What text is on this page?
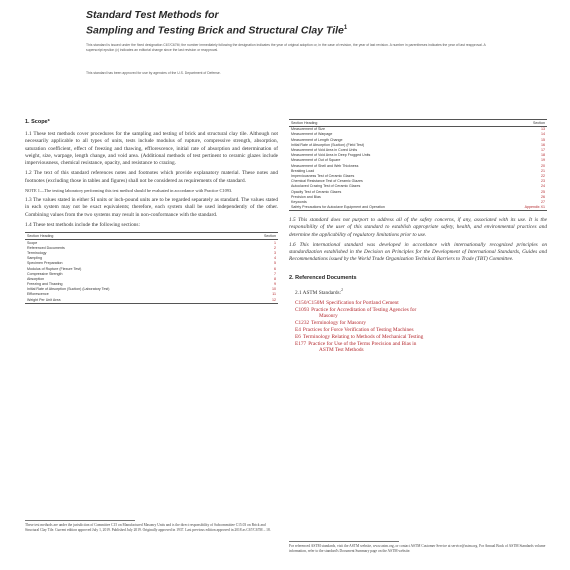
Standard Test Methods for
Sampling and Testing Brick and Structural Clay Tile$^1$
This standard is issued under the fixed designation C67/C67M; the number immediately following the designation indicates the year of original adoption or, in the case of revision, the year of last revision. A number in parentheses indicates the year of last reapproval. A superscript epsilon (ε) indicates an editorial change since the last revision or reapproval.
This standard has been approved for use by agencies of the U.S. Department of Defense.
1. Scope*

1.1 These test methods cover procedures for the sampling and testing of brick and structural clay tile. Although not necessarily applicable to all types of units, tests include modulus of rupture, compressive strength, absorption, saturation coefficient, effect of freezing and thawing, efflorescence, initial rate of absorption and determination of weight, size, warpage, length change, and void area. (Additional methods of test pertinent to ceramic glazes include imperviousness, chemical resistance, opacity, and resistance to crazing.

1.2 The text of this standard references notes and footnotes which provide explanatory material. These notes and footnotes (excluding those in tables and figures) shall not be considered as requirements of the standard.

NOTE 1—The testing laboratory performing this test method should be evaluated in accordance with Practice C1093.

1.3 The values stated in either SI units or inch-pound units are to be regarded separately as standard. The values stated in each system may not be exact equivalents; therefore, each system shall be used independently of the other. Combining values from the two systems may result in non-conformance with the standard.

1.4 These test methods include the following sections:

Section Heading	Section
Scope	1
Referenced Documents	2
Terminology	3
Sampling	4
Specimen Preparation	5
Modulus of Rupture (Flexure Test)	6
Compressive Strength	7
Absorption	8
Freezing and Thawing	9
Initial Rate of Absorption (Suction) (Laboratory Test)	10
Efflorescence	11
Weight Per Unit Area	12
Section Heading	Section
Measurement of Size	13
Measurement of Warpage	14
Measurement of Length Change	15
Initial Rate of Absorption (Suction) (Field Test)	16
Measurement of Void Area in Cored Units	17
Measurement of Void Area in Deep Frogged Units	18
Measurement of Out of Square	19
Measurement of Shell and Web Thickness	20
Breaking Load	21
Imperviousness Test of Ceramic Glazes	22
Chemical Resistance Test of Ceramic Glazes	23
Autoclaved Crazing Test of Ceramic Glazes	24
Opacity Test of Ceramic Glazes	25
Precision and Bias	26
Keywords	27
Safety Precautions for Autoclave Equipment and Operation	Appendix X1

1.5 This standard does not purport to address all of the safety concerns, if any, associated with its use. It is the responsibility of the user of this standard to establish appropriate safety, health, and environmental practices and determine the applicability of regulatory limitations prior to use.

1.6 This international standard was developed in accordance with internationally recognized principles on standardization established in the Decision on Principles for the Development of International Standards, Guides and Recommendations issued by the World Trade Organization Technical Barriers to Trade (TBT) Committee.

2. Referenced Documents

2.1 ASTM Standards:$^2$

C150/C150M Specification for Portland Cement
C1093 Practice for Accreditation of Testing Agencies for
Masonry
C1232 Terminology for Masonry
E4 Practices for Force Verification of Testing Machines
E6 Terminology Relating to Methods of Mechanical Testing
E177 Practice for Use of the Terms Precision and Bias in
ASTM Test Methods
These test methods are under the jurisdiction of Committee C15 on Manufactured Masonry Units and is the direct responsibility of Subcommittee C15.03 on Brick and Structural Clay Tile. Current edition approved July 1, 2019. Published July 2019. Originally approved in 1937. Last previous edition approved in 2018 as C67/C67M – 18.
For referenced ASTM standards, visit the ASTM website, www.astm.org, or contact ASTM Customer Service at service@astm.org. For Annual Book of ASTM Standards volume information, refer to the standard's Document Summary page on the ASTM website.
